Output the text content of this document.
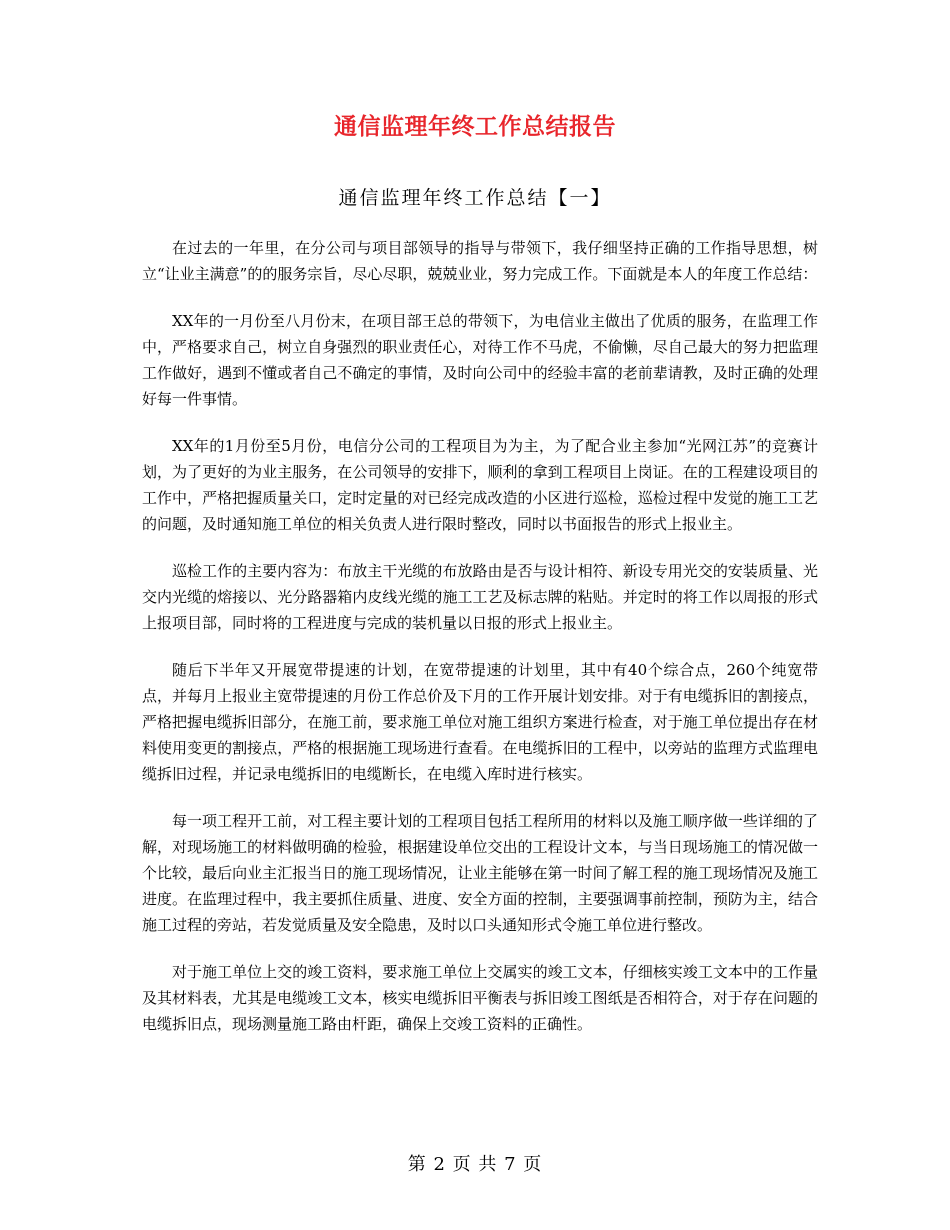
通信监理年终工作总结报告
通信监理年终工作总结【一】

在过去的一年里，在分公司与项目部领导的指导与带领下，我仔细坚持正确的工作指导思想，树立“让业主满意”的的服务宗旨，尽心尽职，兢兢业业，努力完成工作。下面就是本人的年度工作总结：

XX年的一月份至八月份末，在项目部王总的带领下，为电信业主做出了优质的服务，在监理工作中，严格要求自己，树立自身强烈的职业责任心，对待工作不马虎，不偷懒，尽自己最大的努力把监理工作做好，遇到不懂或者自己不确定的事情，及时向公司中的经验丰富的老前辈请教，及时正确的处理好每一件事情。

XX年的1月份至5月份，电信分公司的工程项目为为主，为了配合业主参加“光网江苏”的竞赛计划，为了更好的为业主服务，在公司领导的安排下，顺利的拿到工程项目上岗证。在的工程建设项目的工作中，严格把握质量关口，定时定量的对已经完成改造的小区进行巡检，巡检过程中发觉的施工工艺的问题，及时通知施工单位的相关负责人进行限时整改，同时以书面报告的形式上报业主。

巡检工作的主要内容为：布放主干光缆的布放路由是否与设计相符、新设专用光交的安装质量、光交内光缆的熔接以、光分路器箱内皮线光缆的施工工艺及标志牌的粘贴。并定时的将工作以周报的形式上报项目部，同时将的工程进度与完成的装机量以日报的形式上报业主。

随后下半年又开展宽带提速的计划，在宽带提速的计划里，其中有40个综合点，260个纯宽带点，并每月上报业主宽带提速的月份工作总价及下月的工作开展计划安排。对于有电缆拆旧的割接点，严格把握电缆拆旧部分，在施工前，要求施工单位对施工组织方案进行检查，对于施工单位提出存在材料使用变更的割接点，严格的根据施工现场进行查看。在电缆拆旧的工程中，以旁站的监理方式监理电缆拆旧过程，并记录电缆拆旧的电缆断长，在电缆入库时进行核实。

每一项工程开工前，对工程主要计划的工程项目包括工程所用的材料以及施工顺序做一些详细的了解，对现场施工的材料做明确的检验，根据建设单位交出的工程设计文本，与当日现场施工的情况做一个比较，最后向业主汇报当日的施工现场情况，让业主能够在第一时间了解工程的施工现场情况及施工进度。在监理过程中，我主要抓住质量、进度、安全方面的控制，主要强调事前控制，预防为主，结合施工过程的旁站，若发觉质量及安全隐患，及时以口头通知形式令施工单位进行整改。

对于施工单位上交的竣工资料，要求施工单位上交属实的竣工文本，仔细核实竣工文本中的工作量及其材料表，尤其是电缆竣工文本，核实电缆拆旧平衡表与拆旧竣工图纸是否相符合，对于存在问题的电缆拆旧点，现场测量施工路由杆距，确保上交竣工资料的正确性。

第 2 页 共 7 页
